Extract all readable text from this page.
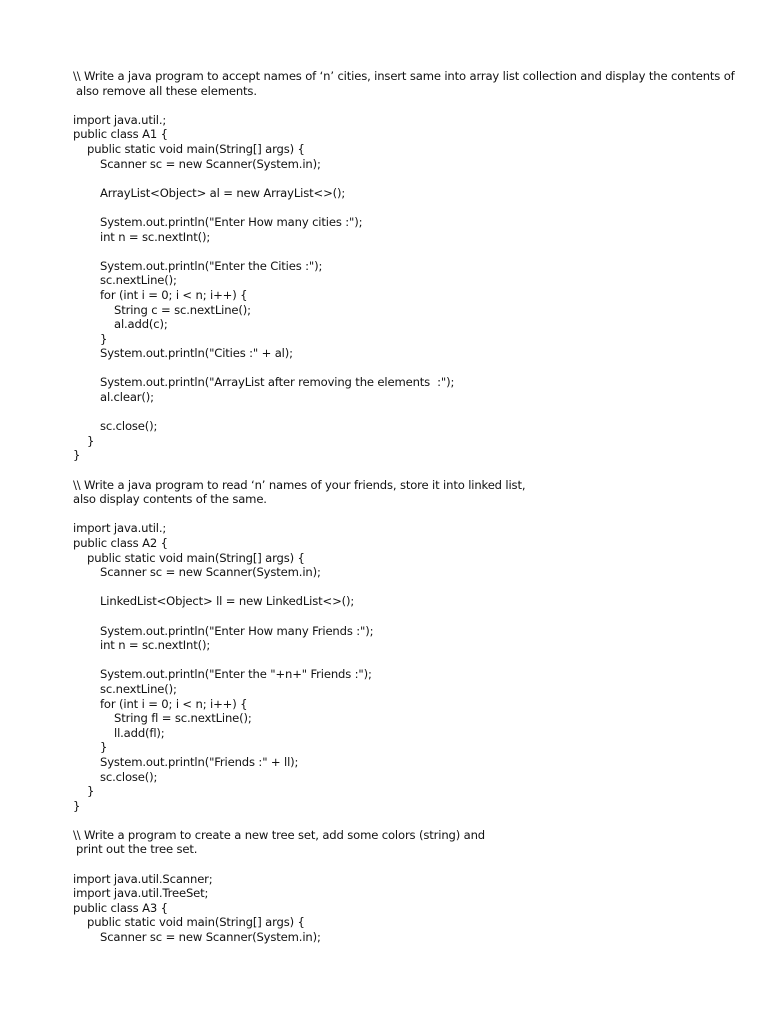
\\ Write a java program to accept names of ‘n’ cities, insert same into array list collection and display the contents of
also remove all these elements.
import java.util.;
public class A1 {
public static void main(String[] args) {
Scanner sc = new Scanner(System.in);
ArrayList<Object> al = new ArrayList<>();
System.out.println("Enter How many cities :");
int n = sc.nextInt();
System.out.println("Enter the Cities :");
sc.nextLine();
for (int i = 0; i < n; i++) {
String c = sc.nextLine();
al.add(c);
}
System.out.println("Cities :" + al);
System.out.println("ArrayList after removing the elements  :");
al.clear();
sc.close();
}
}
\\ Write a java program to read ‘n’ names of your friends, store it into linked list,
also display contents of the same.
import java.util.;
public class A2 {
public static void main(String[] args) {
Scanner sc = new Scanner(System.in);
LinkedList<Object> ll = new LinkedList<>();
System.out.println("Enter How many Friends :");
int n = sc.nextInt();
System.out.println("Enter the "+n+" Friends :");
sc.nextLine();
for (int i = 0; i < n; i++) {
String fl = sc.nextLine();
ll.add(fl);
}
System.out.println("Friends :" + ll);
sc.close();
}
}
\\ Write a program to create a new tree set, add some colors (string) and
print out the tree set.
import java.util.Scanner;
import java.util.TreeSet;
public class A3 {
public static void main(String[] args) {
Scanner sc = new Scanner(System.in);
